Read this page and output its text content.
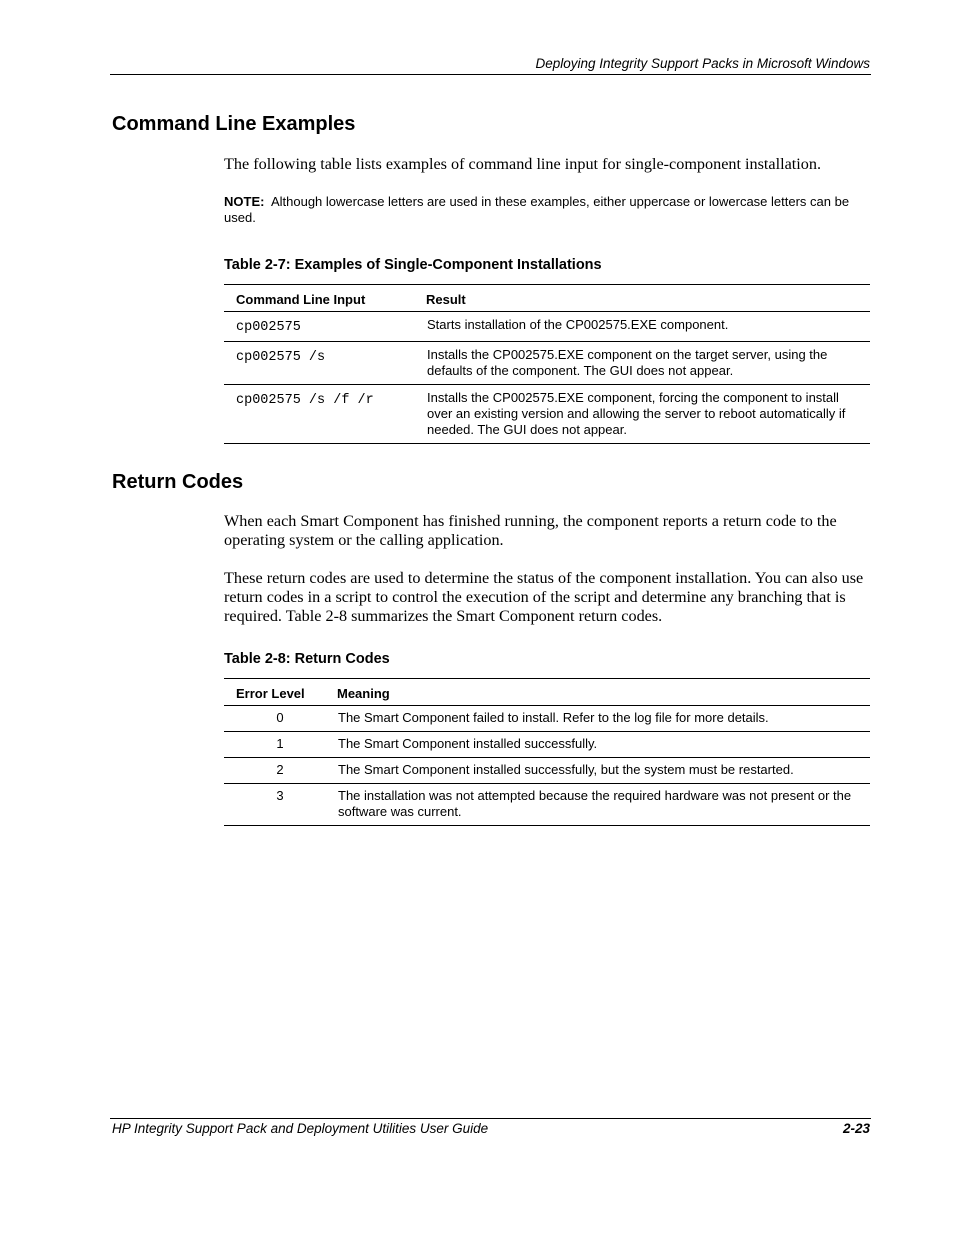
Deploying Integrity Support Packs in Microsoft Windows
Command Line Examples
The following table lists examples of command line input for single-component installation.
NOTE: Although lowercase letters are used in these examples, either uppercase or lowercase letters can be used.
Table 2-7: Examples of Single-Component Installations
Command Line Input	Result
cp002575	Starts installation of the CP002575.EXE component.
cp002575 /s	Installs the CP002575.EXE component on the target server, using the defaults of the component. The GUI does not appear.
cp002575 /s /f /r	Installs the CP002575.EXE component, forcing the component to install over an existing version and allowing the server to reboot automatically if needed. The GUI does not appear.
Return Codes
When each Smart Component has finished running, the component reports a return code to the operating system or the calling application.
These return codes are used to determine the status of the component installation. You can also use return codes in a script to control the execution of the script and determine any branching that is required. Table 2-8 summarizes the Smart Component return codes.
Table 2-8: Return Codes
Error Level	Meaning
0	The Smart Component failed to install. Refer to the log file for more details.
1	The Smart Component installed successfully.
2	The Smart Component installed successfully, but the system must be restarted.
3	The installation was not attempted because the required hardware was not present or the software was current.
HP Integrity Support Pack and Deployment Utilities User Guide	2-23
